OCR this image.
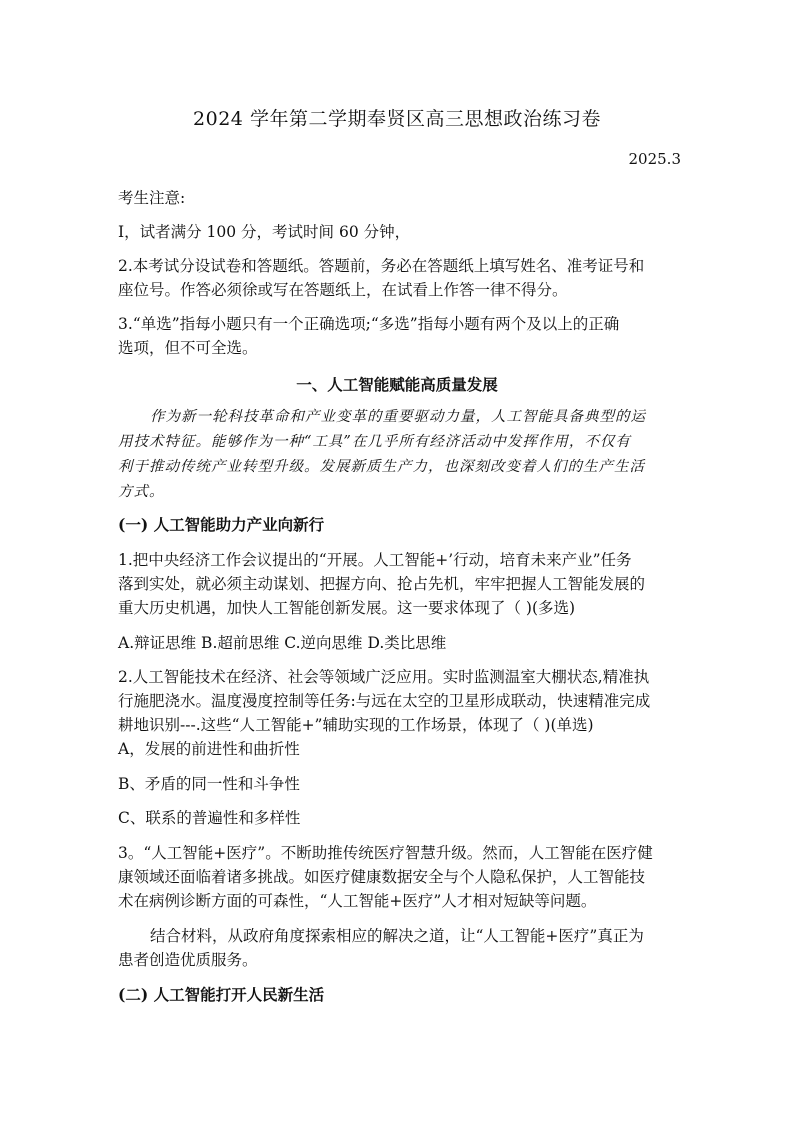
2024 学年第二学期奉贤区高三思想政治练习卷
2025.3
考生注意:
I，试者满分 100 分，考试时间 60 分钟，
2.本考试分设试卷和答题纸。答题前，务必在答题纸上填写姓名、准考证号和
座位号。作答必须徐或写在答题纸上，在试看上作答一律不得分。
3.“单选”指每小题只有一个正确选项;“多选”指每小题有两个及以上的正确
选项，但不可全选。
一、人工智能赋能高质量发展
作为新一轮科技革命和产业变革的重要驱动力量，人工智能具备典型的运
用技术特征。能够作为一种“工具”在几乎所有经济活动中发挥作用，不仅有
利于推动传统产业转型升级。发展新质生产力，也深刻改变着人们的生产生活
方式。
(一) 人工智能助力产业向新行
1.把中央经济工作会议提出的“开展。人工智能+’行动，培育未来产业”任务
落到实处，就必须主动谋划、把握方向、抢占先机，牢牢把握人工智能发展的
重大历史机遇，加快人工智能创新发展。这一要求体现了（ )(多选)
A.辩证思维 B.超前思维 C.逆向思维 D.类比思维
2.人工智能技术在经济、社会等领域广泛应用。实时监测温室大棚状态,精准执
行施肥浇水。温度漫度控制等任务:与远在太空的卫星形成联动，快速精准完成
耕地识别---.这些“人工智能+”辅助实现的工作场景，体现了（ )(单选)
A，发展的前进性和曲折性
B、矛盾的同一性和斗争性
C、联系的普遍性和多样性
3。“人工智能+医疗”。不断助推传统医疗智慧升级。然而，人工智能在医疗健
康领域还面临着诸多挑战。如医疗健康数据安全与个人隐私保护，人工智能技
术在病例诊断方面的可森性，“人工智能+医疗”人才相对短缺等问题。
结合材料，从政府角度探索相应的解决之道，让“人工智能+医疗”真正为
患者创造优质服务。
(二) 人工智能打开人民新生活
